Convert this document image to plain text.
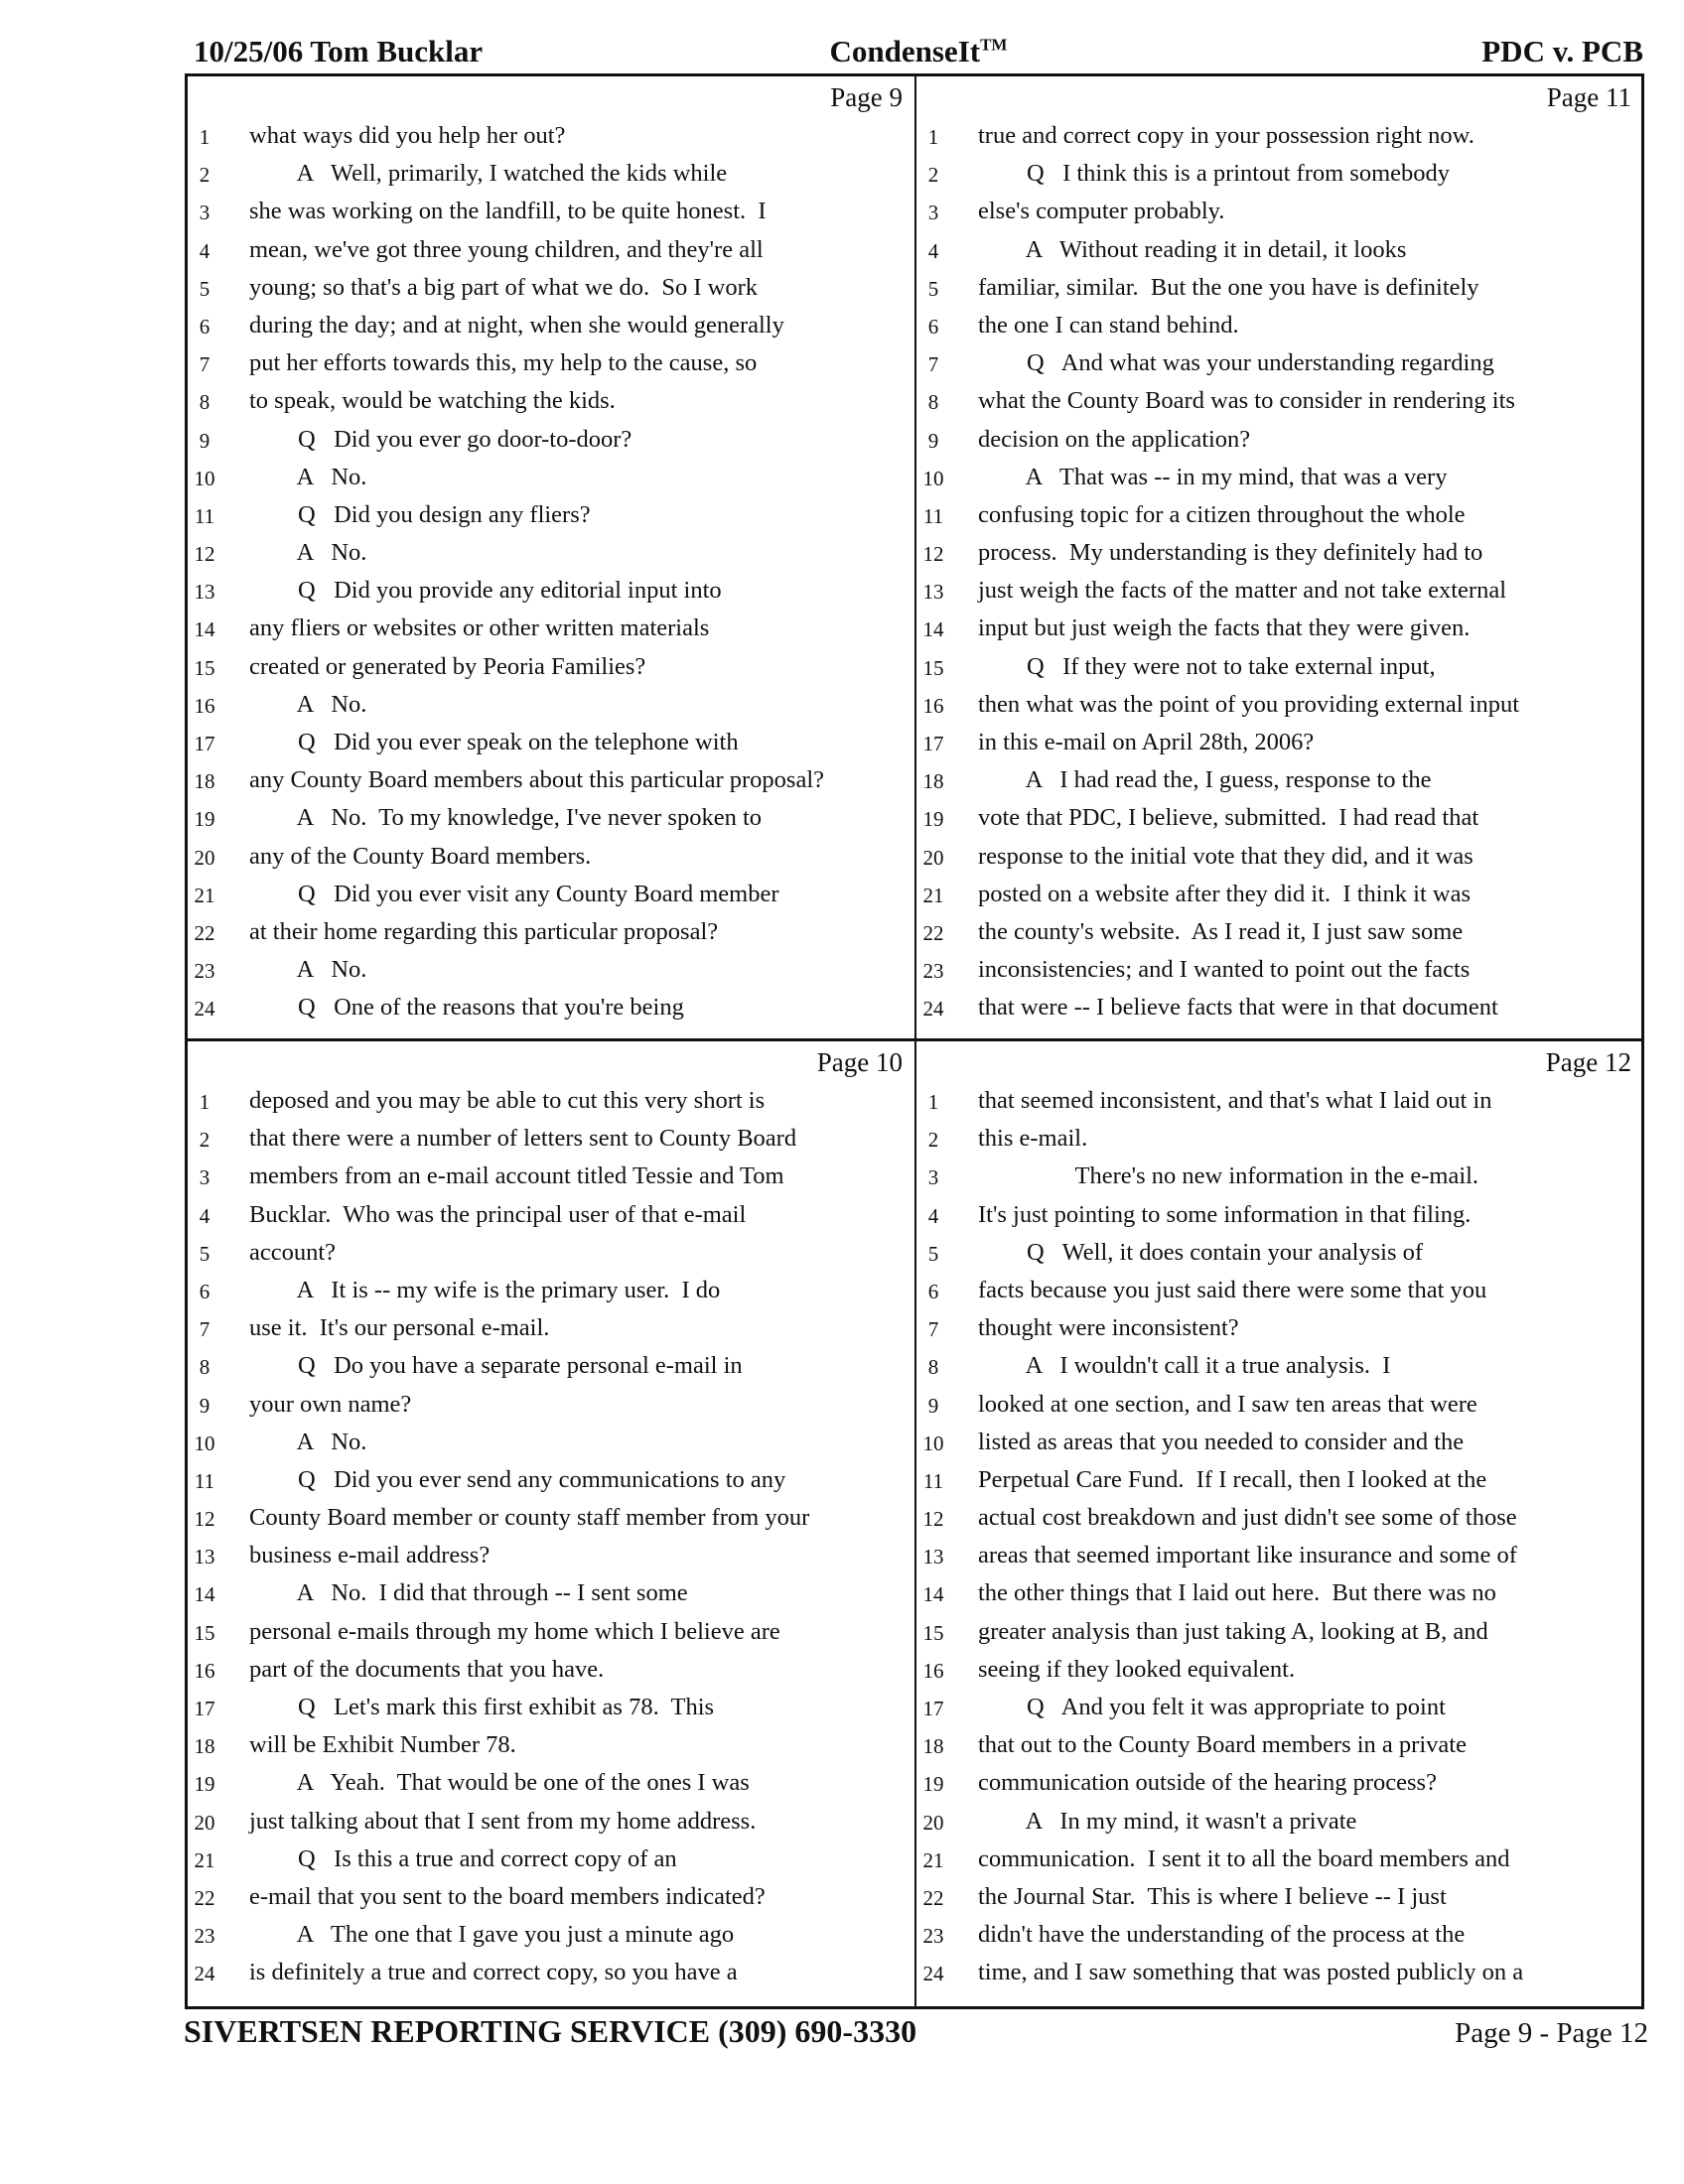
10/25/06 Tom Bucklar	CondenseIt™	PDC v. PCB
Page 9
1	what ways did you help her out?
2	A   Well, primarily, I watched the kids while
3	she was working on the landfill, to be quite honest.  I
4	mean, we've got three young children, and they're all
5	young; so that's a big part of what we do.  So I work
6	during the day; and at night, when she would generally
7	put her efforts towards this, my help to the cause, so
8	to speak, would be watching the kids.
9	Q   Did you ever go door-to-door?
10 A   No.
11 Q   Did you design any fliers?
12 A   No.
13 Q   Did you provide any editorial input into
14 any fliers or websites or other written materials
15 created or generated by Peoria Families?
16 A   No.
17 Q   Did you ever speak on the telephone with
18 any County Board members about this particular proposal?
19 A   No.  To my knowledge, I've never spoken to
20 any of the County Board members.
21 Q   Did you ever visit any County Board member
22 at their home regarding this particular proposal?
23 A   No.
24 Q   One of the reasons that you're being
Page 11
1	true and correct copy in your possession right now.
2	Q   I think this is a printout from somebody
3	else's computer probably.
4	A   Without reading it in detail, it looks
5	familiar, similar.  But the one you have is definitely
6	the one I can stand behind.
7	Q   And what was your understanding regarding
8	what the County Board was to consider in rendering its
9	decision on the application?
10 A   That was -- in my mind, that was a very
11 confusing topic for a citizen throughout the whole
12 process.  My understanding is they definitely had to
13 just weigh the facts of the matter and not take external
14 input but just weigh the facts that they were given.
15 Q   If they were not to take external input,
16 then what was the point of you providing external input
17 in this e-mail on April 28th, 2006?
18 A   I had read the, I guess, response to the
19 vote that PDC, I believe, submitted.  I had read that
20 response to the initial vote that they did, and it was
21 posted on a website after they did it.  I think it was
22 the county's website.  As I read it, I just saw some
23 inconsistencies; and I wanted to point out the facts
24 that were -- I believe facts that were in that document
Page 10
1	deposed and you may be able to cut this very short is
2	that there were a number of letters sent to County Board
3	members from an e-mail account titled Tessie and Tom
4	Bucklar.  Who was the principal user of that e-mail
5	account?
6	A   It is -- my wife is the primary user.  I do
7	use it.  It's our personal e-mail.
8	Q   Do you have a separate personal e-mail in
9	your own name?
10 A   No.
11 Q   Did you ever send any communications to any
12 County Board member or county staff member from your
13 business e-mail address?
14 A   No.  I did that through -- I sent some
15 personal e-mails through my home which I believe are
16 part of the documents that you have.
17 Q   Let's mark this first exhibit as 78.  This
18 will be Exhibit Number 78.
19 A   Yeah.  That would be one of the ones I was
20 just talking about that I sent from my home address.
21 Q   Is this a true and correct copy of an
22 e-mail that you sent to the board members indicated?
23 A   The one that I gave you just a minute ago
24 is definitely a true and correct copy, so you have a
Page 12
1	that seemed inconsistent, and that's what I laid out in
2	this e-mail.
3	There's no new information in the e-mail.
4	It's just pointing to some information in that filing.
5	Q   Well, it does contain your analysis of
6	facts because you just said there were some that you
7	thought were inconsistent?
8	A   I wouldn't call it a true analysis.  I
9	looked at one section, and I saw ten areas that were
10 listed as areas that you needed to consider and the
11 Perpetual Care Fund.  If I recall, then I looked at the
12 actual cost breakdown and just didn't see some of those
13 areas that seemed important like insurance and some of
14 the other things that I laid out here.  But there was no
15 greater analysis than just taking A, looking at B, and
16 seeing if they looked equivalent.
17 Q   And you felt it was appropriate to point
18 that out to the County Board members in a private
19 communication outside of the hearing process?
20 A   In my mind, it wasn't a private
21 communication.  I sent it to all the board members and
22 the Journal Star.  This is where I believe -- I just
23 didn't have the understanding of the process at the
24 time, and I saw something that was posted publicly on a
SIVERTSEN REPORTING SERVICE (309) 690-3330	Page 9 - Page 12
